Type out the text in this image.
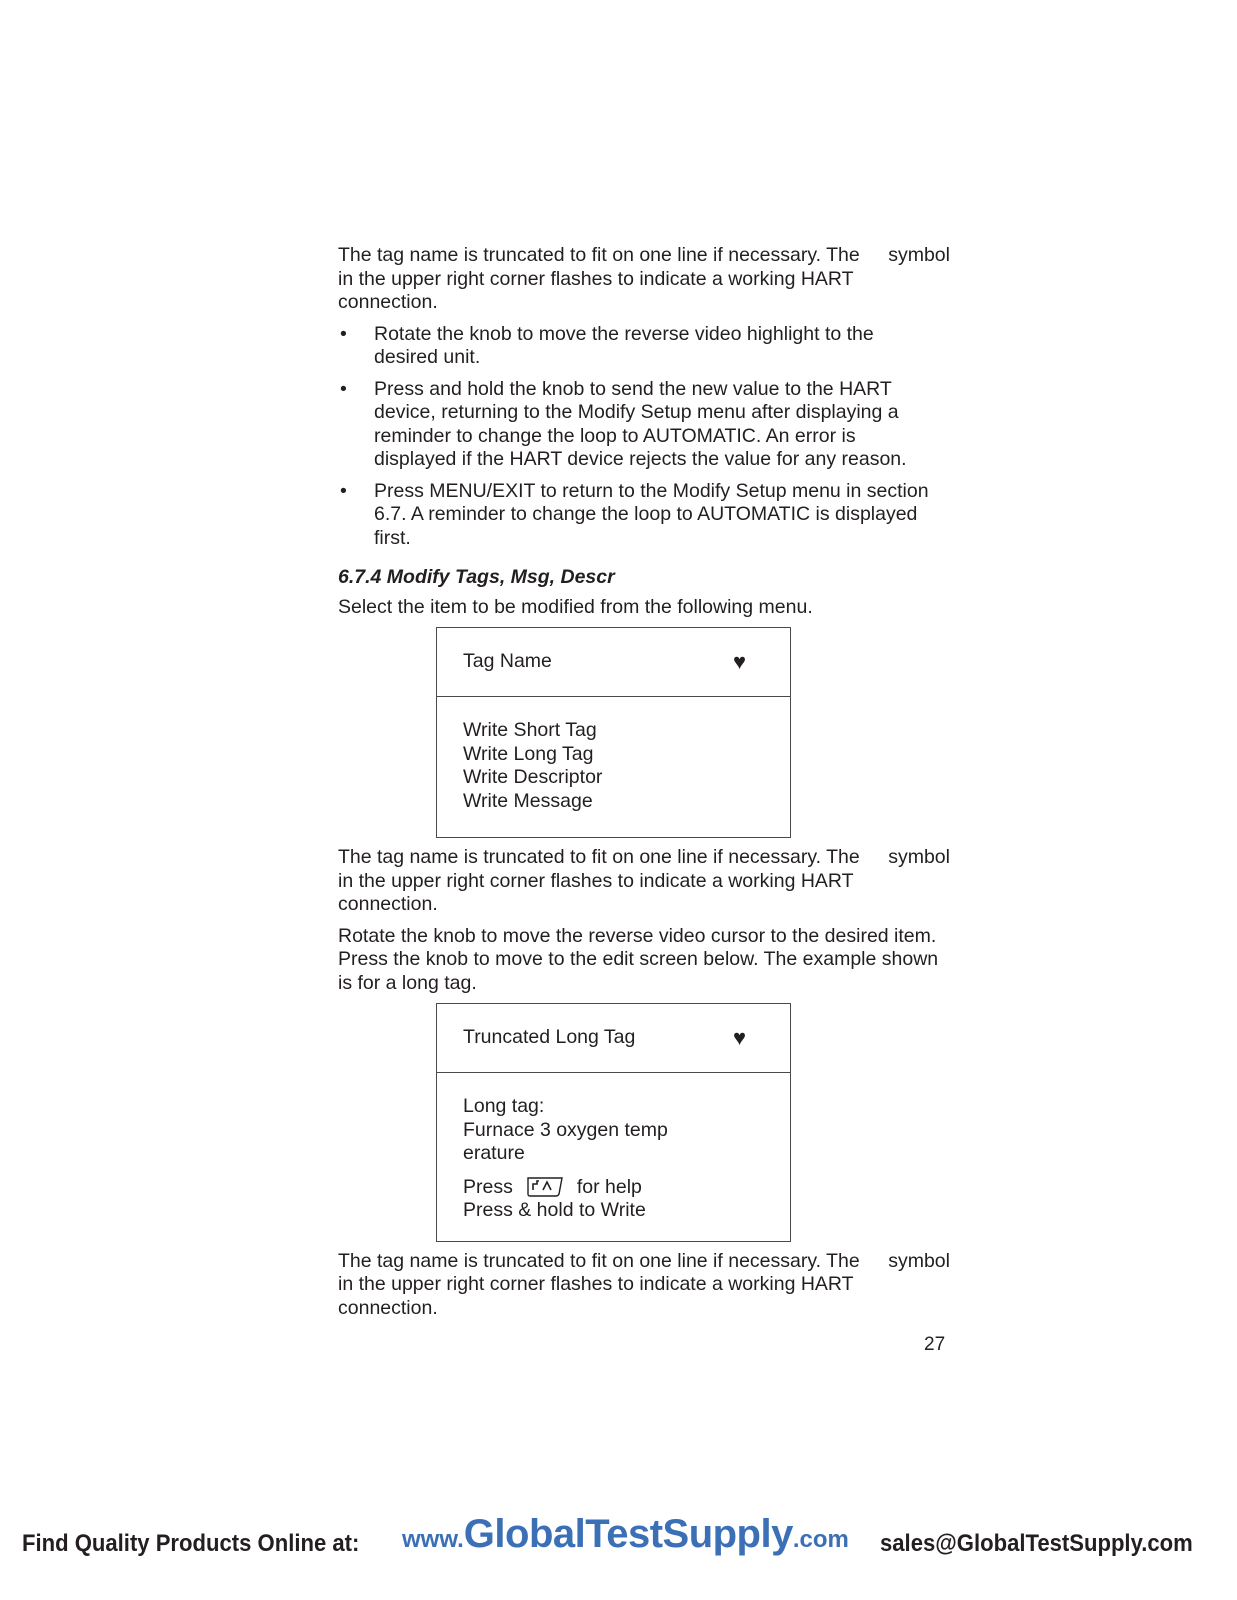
The tag name is truncated to fit on one line if necessary. The symbol
in the upper right corner flashes to indicate a working HART connection.
•	Rotate the knob to move the reverse video highlight to the desired unit.
•	Press and hold the knob to send the new value to the HART device, returning to the Modify Setup menu after displaying a reminder to change the loop to AUTOMATIC. An error is displayed if the HART device rejects the value for any reason.
•	Press MENU/EXIT to return to the Modify Setup menu in section 6.7. A reminder to change the loop to AUTOMATIC is displayed first.
6.7.4 Modify Tags, Msg, Descr
Select the item to be modified from the following menu.
Tag Name	♥
Write Short Tag
Write Long Tag
Write Descriptor
Write Message
The tag name is truncated to fit on one line if necessary. The symbol
in the upper right corner flashes to indicate a working HART connection.
Rotate the knob to move the reverse video cursor to the desired item. Press the knob to move to the edit screen below. The example shown is for a long tag.
Truncated Long Tag	♥
Long tag:
Furnace 3 oxygen temp
erature
Press	for help
Press & hold to Write
The tag name is truncated to fit on one line if necessary. The symbol
in the upper right corner flashes to indicate a working HART connection.
27
Find Quality Products Online at: www.GlobalTestSupply.com sales@GlobalTestSupply.com
